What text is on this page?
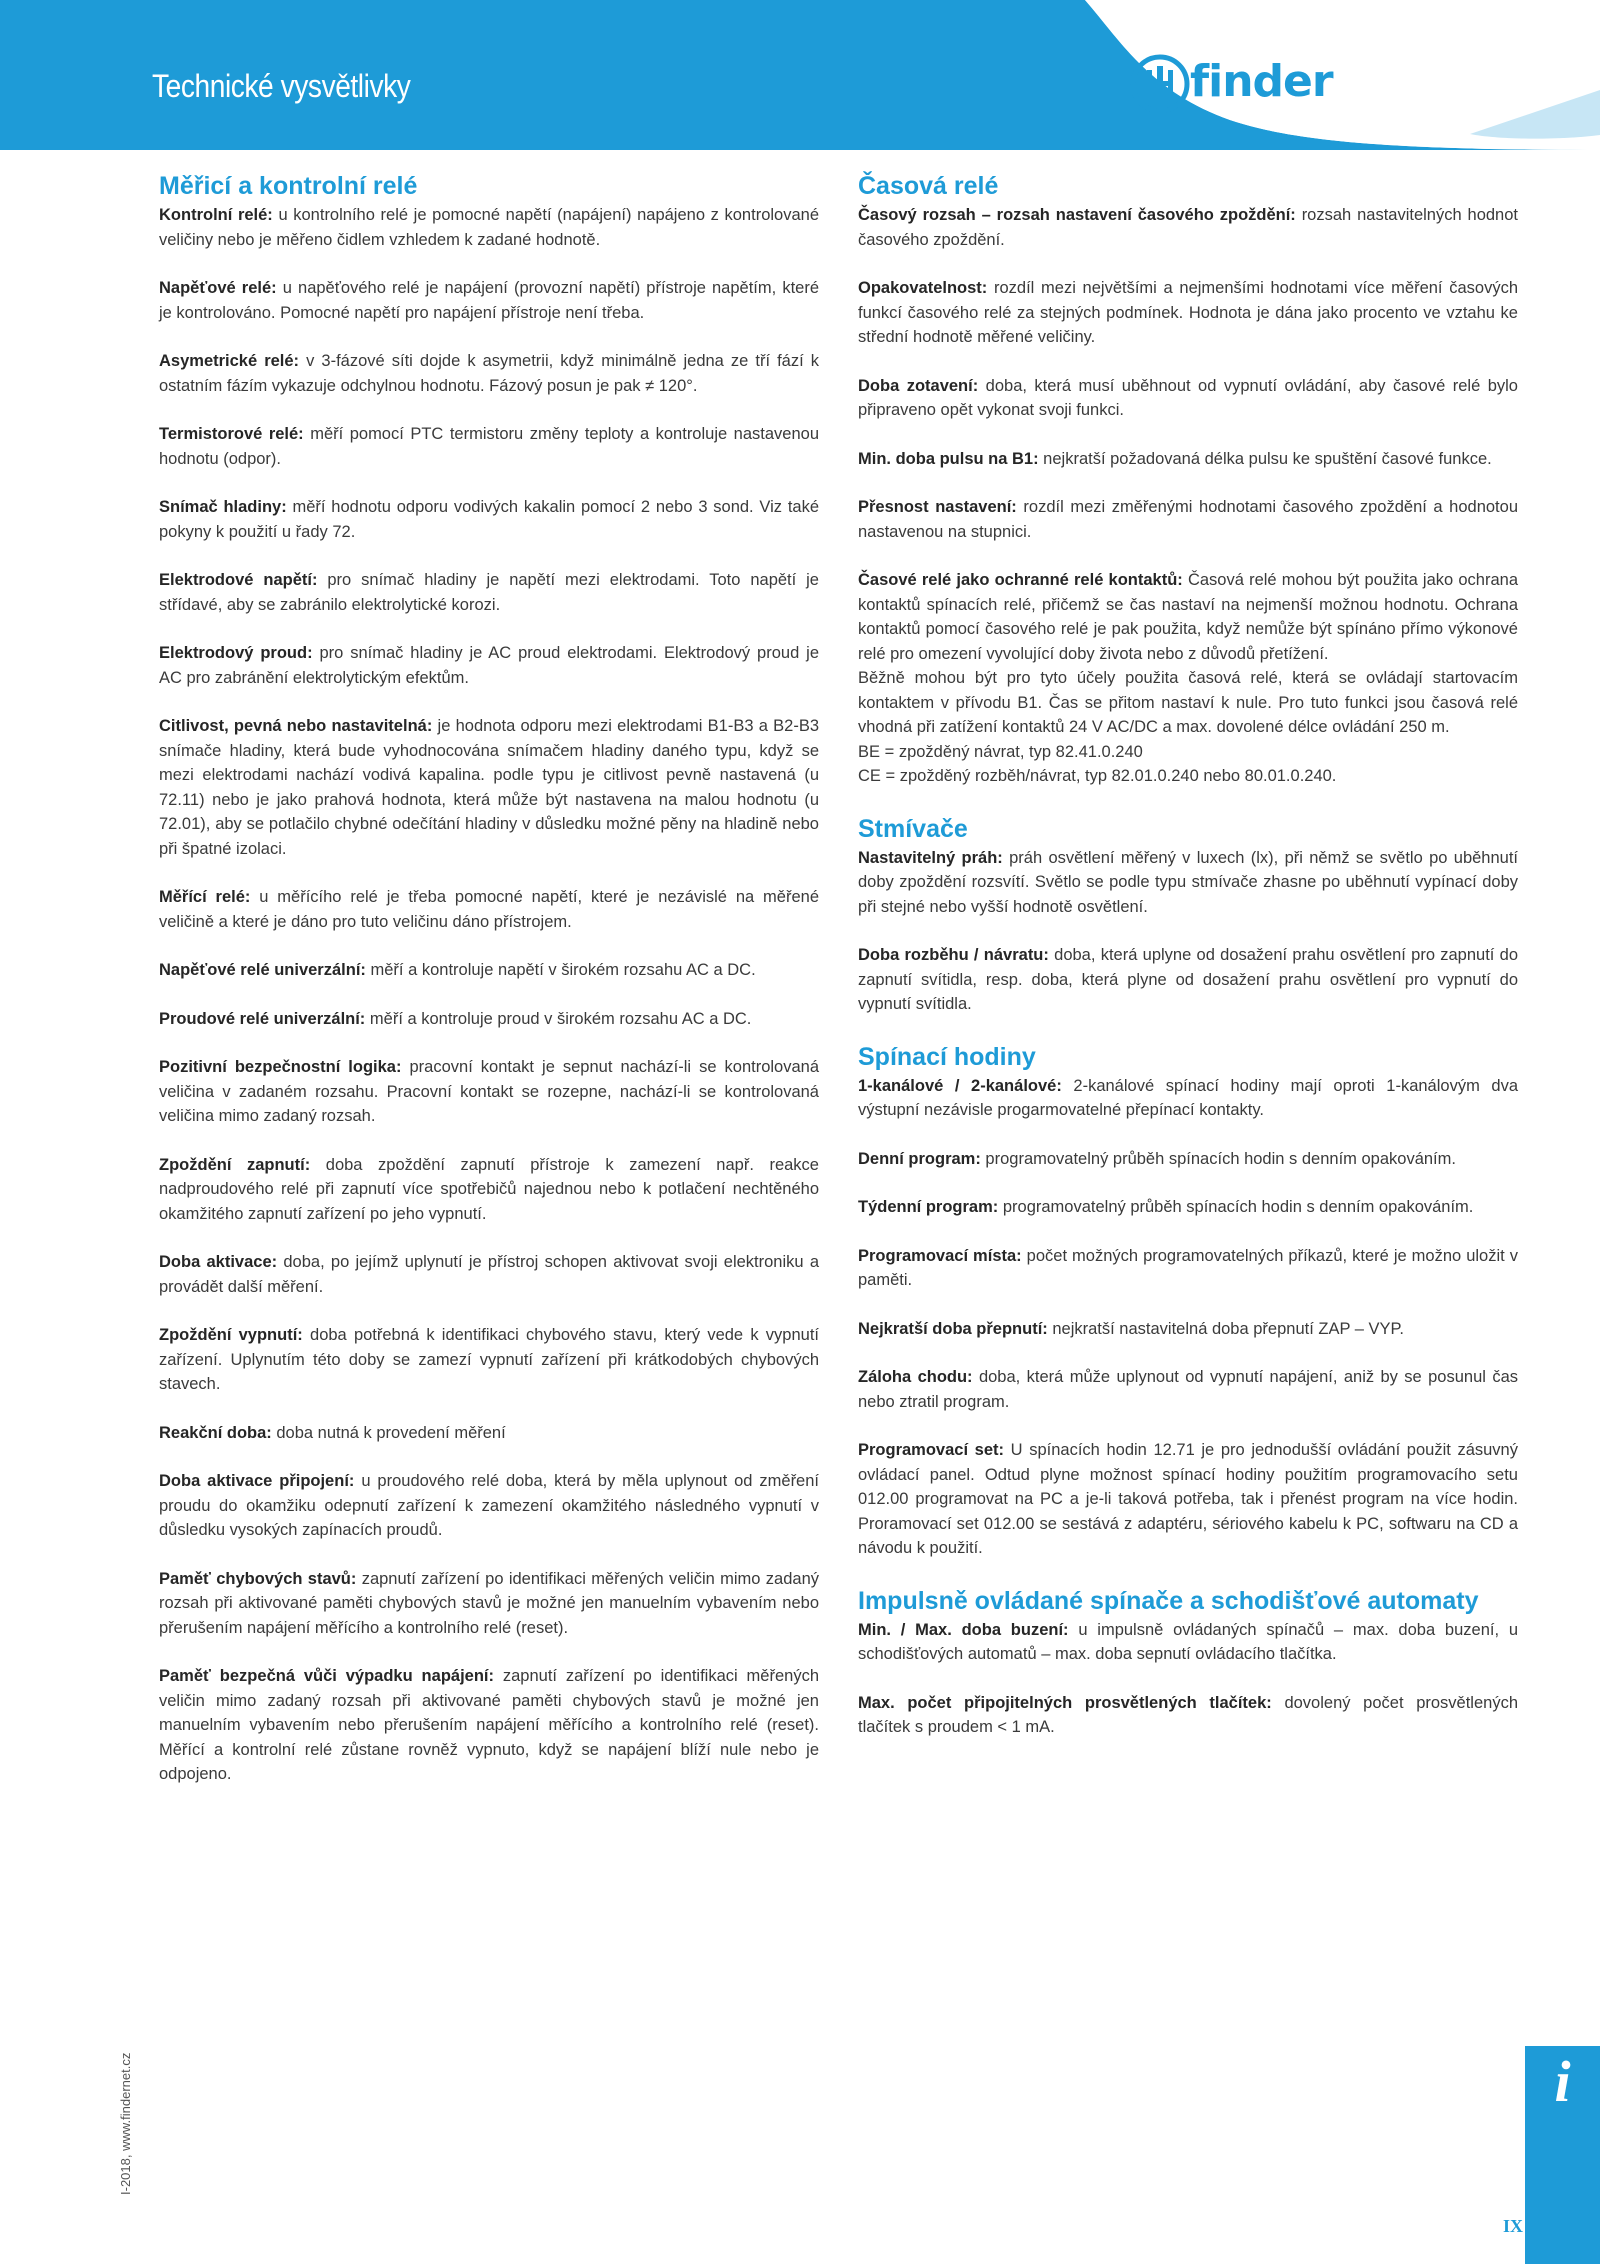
Technické vysvětlivky	finder
Měřicí a kontrolní relé

Kontrolní relé: u kontrolního relé je pomocné napětí (napájení) napájeno z kontrolované veličiny nebo je měřeno čidlem vzhledem k zadané hodnotě.

Napěťové relé: u napěťového relé je napájení (provozní napětí) přístroje napětím, které je kontrolováno. Pomocné napětí pro napájení přístroje není třeba.

Asymetrické relé: v 3-fázové síti dojde k asymetrii, když minimálně jedna ze tří fází k ostatním fázím vykazuje odchylnou hodnotu. Fázový posun je pak ≠ 120°.

Termistorové relé: měří pomocí PTC termistoru změny teploty a kontroluje nastavenou hodnotu (odpor).

Snímač hladiny: měří hodnotu odporu vodivých kakalin pomocí 2 nebo 3 sond. Viz také pokyny k použití u řady 72.

Elektrodové napětí: pro snímač hladiny je napětí mezi elektrodami. Toto napětí je střídavé, aby se zabránilo elektrolytické korozi.

Elektrodový proud: pro snímač hladiny je AC proud elektrodami. Elektrodový proud je AC pro zabránění elektrolytickým efektům.

Citlivost, pevná nebo nastavitelná: je hodnota odporu mezi elektrodami B1-B3 a B2-B3 snímače hladiny, která bude vyhodnocována snímačem hladiny daného typu, když se mezi elektrodami nachází vodivá kapalina. podle typu je citlivost pevně nastavená (u 72.11) nebo je jako prahová hodnota, která může být nastavena na malou hodnotu (u 72.01), aby se potlačilo chybné odečítání hladiny v důsledku možné pěny na hladině nebo při špatné izolaci.

Měřící relé: u měřícího relé je třeba pomocné napětí, které je nezávislé na měřené veličině a které je dáno pro tuto veličinu dáno přístrojem.

Napěťové relé univerzální: měří a kontroluje napětí v širokém rozsahu AC a DC.

Proudové relé univerzální: měří a kontroluje proud v širokém rozsahu AC a DC.

Pozitivní bezpečnostní logika: pracovní kontakt je sepnut nachází-li se kontrolovaná veličina v zadaném rozsahu. Pracovní kontakt se rozepne, nachází-li se kontrolovaná veličina mimo zadaný rozsah.

Zpoždění zapnutí: doba zpoždění zapnutí přístroje k zamezení např. reakce nadproudového relé při zapnutí více spotřebičů najednou nebo k potlačení nechtěného okamžitého zapnutí zařízení po jeho vypnutí.

Doba aktivace: doba, po jejímž uplynutí je přístroj schopen aktivovat svoji elektroniku a provádět další měření.

Zpoždění vypnutí: doba potřebná k identifikaci chybového stavu, který vede k vypnutí zařízení. Uplynutím této doby se zamezí vypnutí zařízení při krátkodobých chybových stavech.

Reakční doba: doba nutná k provedení měření

Doba aktivace připojení: u proudového relé doba, která by měla uplynout od změření proudu do okamžiku odepnutí zařízení k zamezení okamžitého následného vypnutí v důsledku vysokých zapínacích proudů.

Paměť chybových stavů: zapnutí zařízení po identifikaci měřených veličin mimo zadaný rozsah při aktivované paměti chybových stavů je možné jen manuelním vybavením nebo přerušením napájení měřícího a kontrolního relé (reset).

Paměť bezpečná vůči výpadku napájení: zapnutí zařízení po identifikaci měřených veličin mimo zadaný rozsah při aktivované paměti chybových stavů je možné jen manuelním vybavením nebo přerušením napájení měřícího a kontrolního relé (reset). Měřící a kontrolní relé zůstane rovněž vypnuto, když se napájení blíží nule nebo je odpojeno.

Časová relé

Časový rozsah – rozsah nastavení časového zpoždění: rozsah nastavitelných hodnot časového zpoždění.

Opakovatelnost: rozdíl mezi největšími a nejmenšími hodnotami více měření časových funkcí časového relé za stejných podmínek. Hodnota je dána jako procento ve vztahu ke střední hodnotě měřené veličiny.

Doba zotavení: doba, která musí uběhnout od vypnutí ovládání, aby časové relé bylo připraveno opět vykonat svoji funkci.

Min. doba pulsu na B1: nejkratší požadovaná délka pulsu ke spuštění časové funkce.

Přesnost nastavení: rozdíl mezi změřenými hodnotami časového zpoždění a hodnotou nastavenou na stupnici.

Časové relé jako ochranné relé kontaktů: Časová relé mohou být použita jako ochrana kontaktů spínacích relé, přičemž se čas nastaví na nejmenší možnou hodnotu. Ochrana kontaktů pomocí časového relé je pak použita, když nemůže být spínáno přímo výkonové relé pro omezení vyvolující doby života nebo z důvodů přetížení.
Běžně mohou být pro tyto účely použita časová relé, která se ovládají startovacím kontaktem v přívodu B1. Čas se přitom nastaví k nule. Pro tuto funkci jsou časová relé vhodná při zatížení kontaktů 24 V AC/DC a max. dovolené délce ovládání 250 m.
BE = zpožděný návrat, typ 82.41.0.240
CE = zpožděný rozběh/návrat, typ 82.01.0.240 nebo 80.01.0.240.

Stmívače

Nastavitelný práh: práh osvětlení měřený v luxech (lx), při němž se světlo po uběhnutí doby zpoždění rozsvítí. Světlo se podle typu stmívače zhasne po uběhnutí vypínací doby při stejné nebo vyšší hodnotě osvětlení.

Doba rozběhu / návratu: doba, která uplyne od dosažení prahu osvětlení pro zapnutí do zapnutí svítidla, resp. doba, která plyne od dosažení prahu osvětlení pro vypnutí do vypnutí svítidla.

Spínací hodiny

1-kanálové / 2-kanálové: 2-kanálové spínací hodiny mají oproti 1-kanálovým dva výstupní nezávisle progarmovatelné přepínací kontakty.

Denní program: programovatelný průběh spínacích hodin s denním opakováním.

Týdenní program: programovatelný průběh spínacích hodin s denním opakováním.

Programovací místa: počet možných programovatelných příkazů, které je možno uložit v paměti.

Nejkratší doba přepnutí: nejkratší nastavitelná doba přepnutí ZAP – VYP.

Záloha chodu: doba, která může uplynout od vypnutí napájení, aniž by se posunul čas nebo ztratil program.

Programovací set: U spínacích hodin 12.71 je pro jednodušší ovládání použit zásuvný ovládací panel. Odtud plyne možnost spínací hodiny použitím programovacího setu 012.00 programovat na PC a je-li taková potřeba, tak i přenést program na více hodin. Proramovací set 012.00 se sestává z adaptéru, sériového kabelu k PC, softwaru na CD a návodu k použití.

Impulsně ovládané spínače a schodišťové automaty

Min. / Max. doba buzení: u impulsně ovládaných spínačů – max. doba buzení, u schodišťových automatů – max. doba sepnutí ovládacího tlačítka.

Max. počet připojitelných prosvětlených tlačítek: dovolený počet prosvětlených tlačítek s proudem < 1 mA.

I-2018, www.findernet.cz	i
IX
